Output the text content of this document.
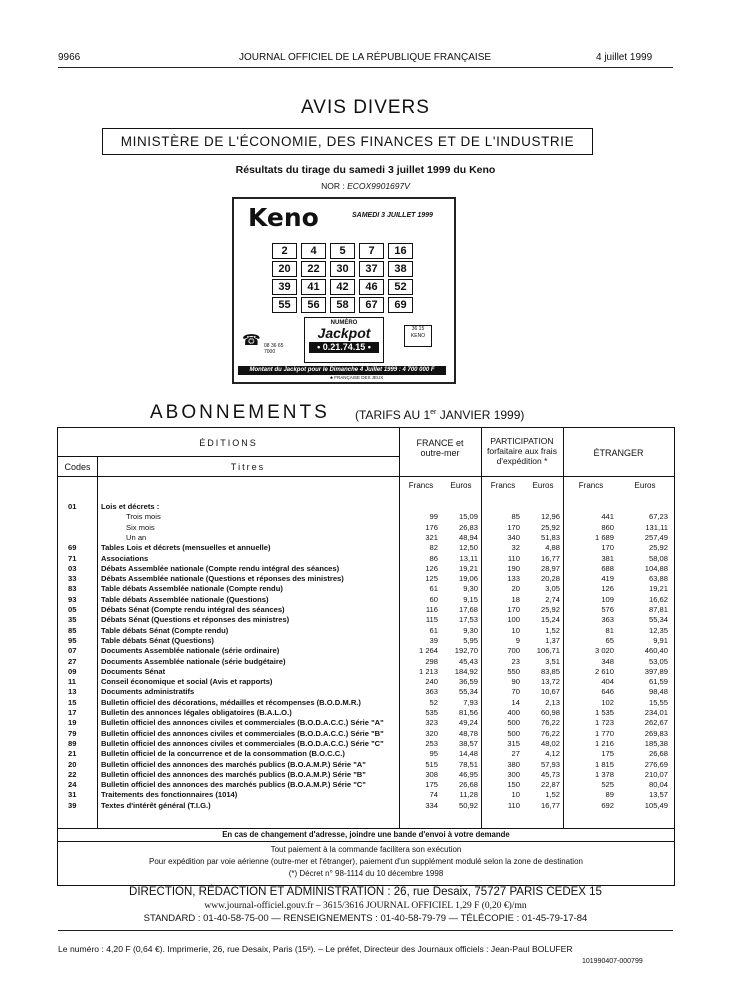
9966	JOURNAL OFFICIEL DE LA RÉPUBLIQUE FRANÇAISE	4 juillet 1999
AVIS DIVERS
MINISTÈRE DE L'ÉCONOMIE, DES FINANCES ET DE L'INDUSTRIE
Résultats du tirage du samedi 3 juillet 1999 du Keno
NOR : ECOX9901697V
Keno	SAMEDI 3 JUILLET 1999
2	4	5	7	16
20	22	30	37	38
39	41	42	46	52
55	56	58	67	69
NUMÉRO
Jackpot
• 0.21.74.15 •
☎ 08 36 65 7000
36 15 KENO
Montant du Jackpot pour le Dimanche 4 Juillet 1999 : 4 700 000 F
♣ FRANÇAISE DES JEUX
ABONNEMENTS (TARIFS AU 1er JANVIER 1999)
ÉDITIONS
Codes	Titres
FRANCE et outre-mer
PARTICIPATION forfaitaire aux frais d'expédition *
ÉTRANGER
Francs	Euros	Francs	Euros	Francs	Euros
01	Lois et décrets :
Trois mois	99	15,09	85	12,96	441	67,23
Six mois	176	26,83	170	25,92	860	131,11
Un an	321	48,94	340	51,83	1 689	257,49
69	Tables Lois et décrets (mensuelles et annuelle)	82	12,50	32	4,88	170	25,92
71	Associations	86	13,11	110	16,77	381	58,08
03	Débats Assemblée nationale (Compte rendu intégral des séances)	126	19,21	190	28,97	688	104,88
33	Débats Assemblée nationale (Questions et réponses des ministres)	125	19,06	133	20,28	419	63,88
83	Table débats Assemblée nationale (Compte rendu)	61	9,30	20	3,05	126	19,21
93	Table débats Assemblée nationale (Questions)	60	9,15	18	2,74	109	16,62
05	Débats Sénat (Compte rendu intégral des séances)	116	17,68	170	25,92	576	87,81
35	Débats Sénat (Questions et réponses des ministres)	115	17,53	100	15,24	363	55,34
85	Table débats Sénat (Compte rendu)	61	9,30	10	1,52	81	12,35
95	Table débats Sénat (Questions)	39	5,95	9	1,37	65	9,91
07	Documents Assemblée nationale (série ordinaire)	1 264	192,70	700	106,71	3 020	460,40
27	Documents Assemblée nationale (série budgétaire)	298	45,43	23	3,51	348	53,05
09	Documents Sénat	1 213	184,92	550	83,85	2 610	397,89
11	Conseil économique et social (Avis et rapports)	240	36,59	90	13,72	404	61,59
13	Documents administratifs	363	55,34	70	10,67	646	98,48
15	Bulletin officiel des décorations, médailles et récompenses (B.O.D.M.R.)	52	7,93	14	2,13	102	15,55
17	Bulletin des annonces légales obligatoires (B.A.L.O.)	535	81,56	400	60,98	1 535	234,01
19	Bulletin officiel des annonces civiles et commerciales (B.O.D.A.C.C.) Série "A"	323	49,24	500	76,22	1 723	262,67
79	Bulletin officiel des annonces civiles et commerciales (B.O.D.A.C.C.) Série "B"	320	48,78	500	76,22	1 770	269,83
89	Bulletin officiel des annonces civiles et commerciales (B.O.D.A.C.C.) Série "C"	253	38,57	315	48,02	1 216	185,38
21	Bulletin officiel de la concurrence et de la consommation (B.O.C.C.)	95	14,48	27	4,12	175	26,68
20	Bulletin officiel des annonces des marchés publics (B.O.A.M.P.) Série "A"	515	78,51	380	57,93	1 815	276,69
22	Bulletin officiel des annonces des marchés publics (B.O.A.M.P.) Série "B"	308	46,95	300	45,73	1 378	210,07
24	Bulletin officiel des annonces des marchés publics (B.O.A.M.P.) Série "C"	175	26,68	150	22,87	525	80,04
31	Traitements des fonctionnaires (1014)	74	11,28	10	1,52	89	13,57
39	Textes d'intérêt général (T.I.G.)	334	50,92	110	16,77	692	105,49
En cas de changement d'adresse, joindre une bande d'envoi à votre demande
Tout paiement à la commande facilitera son exécution
Pour expédition par voie aérienne (outre-mer et l'étranger), paiement d'un supplément modulé selon la zone de destination
(*) Décret n° 98-1114 du 10 décembre 1998
DIRECTION, RÉDACTION ET ADMINISTRATION : 26, rue Desaix, 75727 PARIS CEDEX 15
www.journal-officiel.gouv.fr – 3615/3616 JOURNAL OFFICIEL 1,29 F (0,20 €)/mn
STANDARD : 01-40-58-75-00 — RENSEIGNEMENTS : 01-40-58-79-79 — TÉLÉCOPIE : 01-45-79-17-84
Le numéro : 4,20 F (0,64 €). Imprimerie, 26, rue Desaix, Paris (15ᵉ). – Le préfet, Directeur des Journaux officiels : Jean-Paul BOLUFER
101990407-000799
